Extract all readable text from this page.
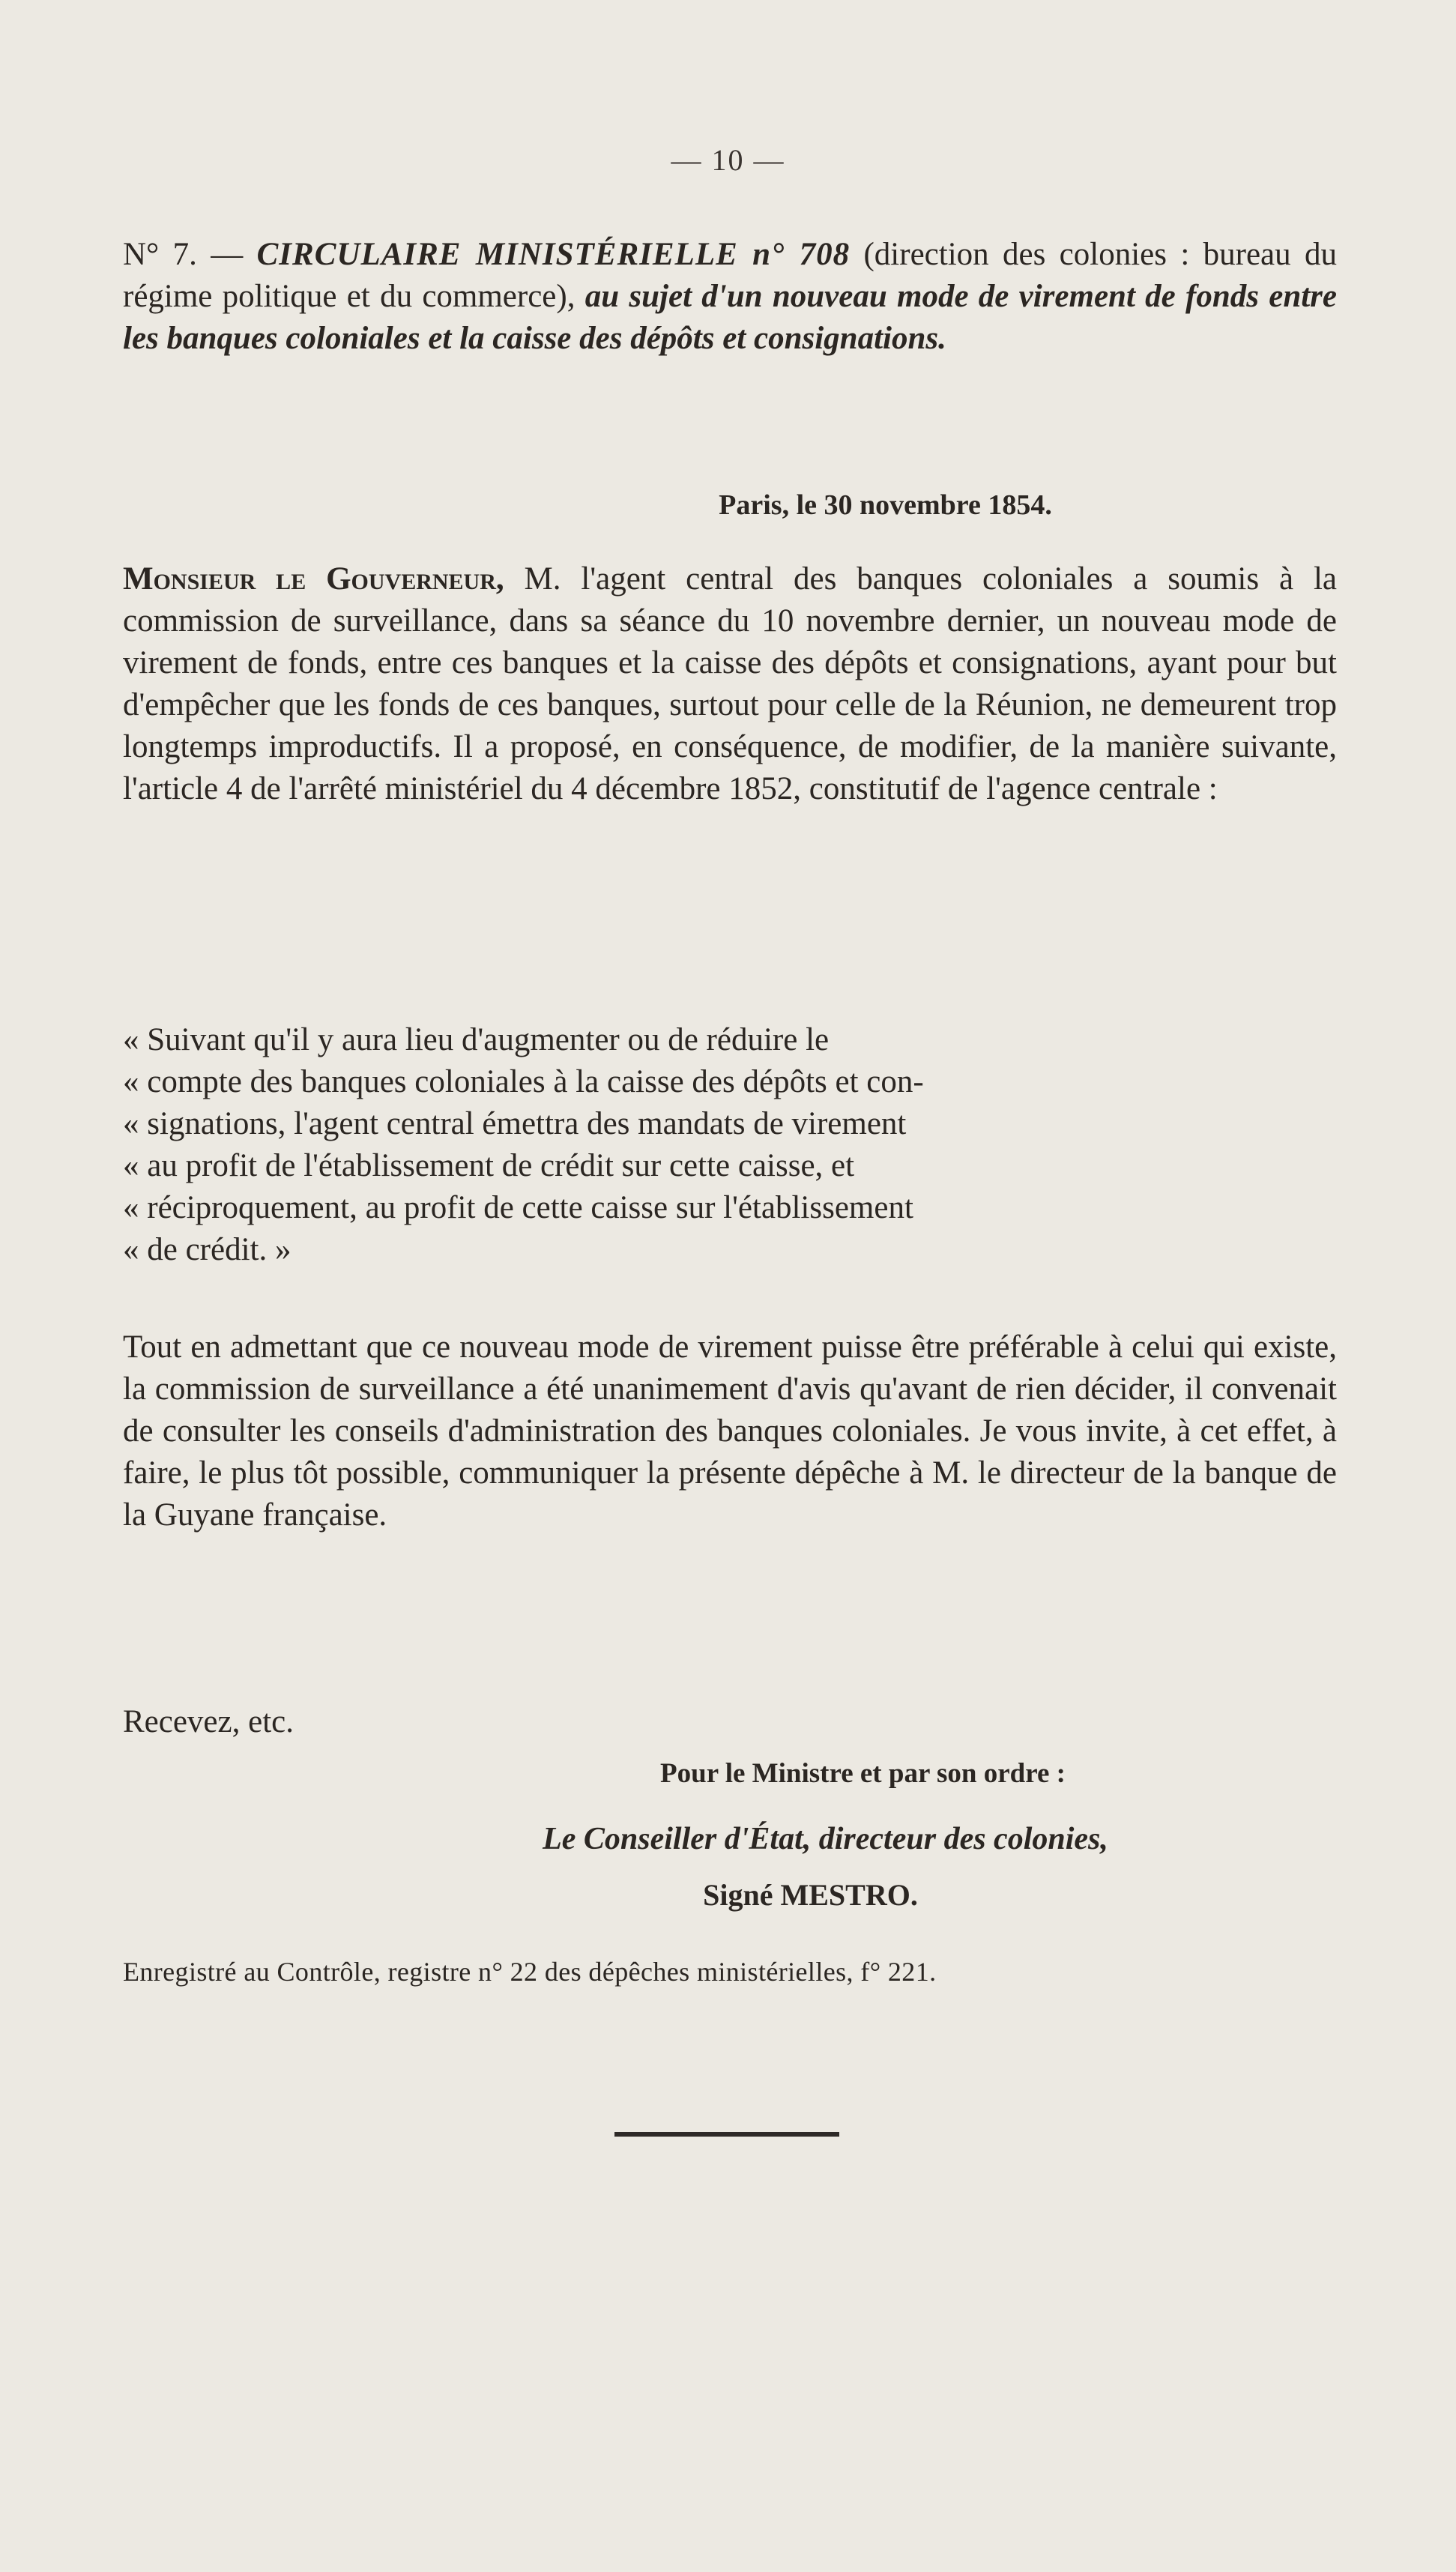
— 10 —
N° 7. — CIRCULAIRE MINISTÉRIELLE n° 708 (direction des colonies : bureau du régime politique et du commerce), au sujet d'un nouveau mode de virement de fonds entre les banques coloniales et la caisse des dépôts et consignations.
Paris, le 30 novembre 1854.
Monsieur le Gouverneur, M. l'agent central des banques coloniales a soumis à la commission de surveillance, dans sa séance du 10 novembre dernier, un nouveau mode de virement de fonds, entre ces banques et la caisse des dépôts et consignations, ayant pour but d'empêcher que les fonds de ces banques, surtout pour celle de la Réunion, ne demeurent trop longtemps improductifs. Il a proposé, en conséquence, de modifier, de la manière suivante, l'article 4 de l'arrêté ministériel du 4 décembre 1852, constitutif de l'agence centrale :

« Suivant qu'il y aura lieu d'augmenter ou de réduire le

« compte des banques coloniales à la caisse des dépôts et con-

« signations, l'agent central émettra des mandats de virement

« au profit de l'établissement de crédit sur cette caisse, et

« réciproquement, au profit de cette caisse sur l'établissement

« de crédit. »

Tout en admettant que ce nouveau mode de virement puisse être préférable à celui qui existe, la commission de surveillance a été unanimement d'avis qu'avant de rien décider, il convenait de consulter les conseils d'administration des banques coloniales. Je vous invite, à cet effet, à faire, le plus tôt possible, communiquer la présente dépêche à M. le directeur de la banque de la Guyane française.
Recevez, etc.
Pour le Ministre et par son ordre :
Le Conseiller d'État, directeur des colonies,
Signé MESTRO.
Enregistré au Contrôle, registre n° 22 des dépêches ministérielles, f° 221.
